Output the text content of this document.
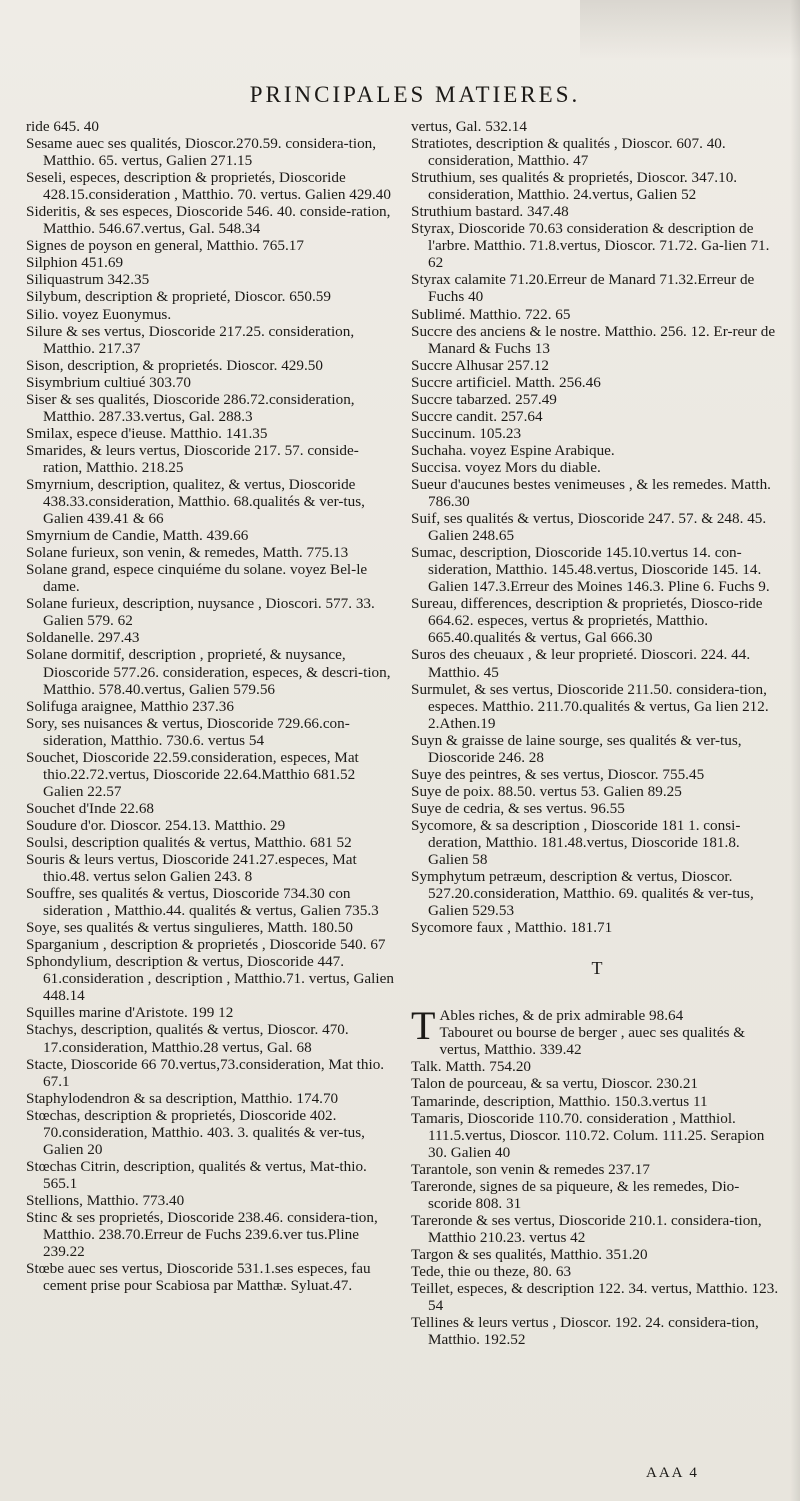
PRINCIPALES MATIERES.

ride 645. 40

Sesame auec ses qualités, Dioscor.270.59. considera-tion, Matthio. 65. vertus, Galien 271.15

Seseli, especes, description & proprietés, Dioscoride 428.15.consideration , Matthio. 70. vertus. Galien 429.40

Sideritis, & ses especes, Dioscoride 546. 40. conside-ration, Matthio. 546.67.vertus, Gal. 548.34

Signes de poyson en general, Matthio. 765.17

Silphion 451.69

Siliquastrum 342.35

Silybum, description & proprieté, Dioscor. 650.59

Silio. voyez Euonymus.

Silure & ses vertus, Dioscoride 217.25. consideration, Matthio. 217.37

Sison, description, & proprietés. Dioscor. 429.50

Sisymbrium cultiué 303.70

Siser & ses qualités, Dioscoride 286.72.consideration, Matthio. 287.33.vertus, Gal. 288.3

Smilax, espece d'ieuse. Matthio. 141.35

Smarides, & leurs vertus, Dioscoride 217. 57. conside-ration, Matthio. 218.25

Smyrnium, description, qualitez, & vertus, Dioscoride 438.33.consideration, Matthio. 68.qualités & ver-tus, Galien 439.41 & 66

Smyrnium de Candie, Matth. 439.66

Solane furieux, son venin, & remedes, Matth. 775.13

Solane grand, espece cinquiéme du solane. voyez Bel-le dame.

Solane furieux, description, nuysance , Dioscori. 577. 33. Galien 579. 62

Soldanelle. 297.43

Solane dormitif, description , proprieté, & nuysance, Dioscoride 577.26. consideration, especes, & descri-tion, Matthio. 578.40.vertus, Galien 579.56

Solifuga araignee, Matthio 237.36

Sory, ses nuisances & vertus, Dioscoride 729.66.con-sideration, Matthio. 730.6. vertus 54

Souchet, Dioscoride 22.59.consideration, especes, Mat thio.22.72.vertus, Dioscoride 22.64.Matthio 681.52 Galien 22.57

Souchet d'Inde 22.68

Soudure d'or. Dioscor. 254.13. Matthio. 29

Soulsi, description qualités & vertus, Matthio. 681 52

Souris & leurs vertus, Dioscoride 241.27.especes, Mat thio.48. vertus selon Galien 243. 8

Souffre, ses qualités & vertus, Dioscoride 734.30 con sideration , Matthio.44. qualités & vertus, Galien 735.3

Soye, ses qualités & vertus singulieres, Matth. 180.50

Sparganium , description & proprietés , Dioscoride 540. 67

Sphondylium, description & vertus, Dioscoride 447. 61.consideration , description , Matthio.71. vertus, Galien 448.14

Squilles marine d'Aristote. 199 12

Stachys, description, qualités & vertus, Dioscor. 470. 17.consideration, Matthio.28 vertus, Gal. 68

Stacte, Dioscoride 66 70.vertus,73.consideration, Mat thio. 67.1

Staphylodendron & sa description, Matthio. 174.70

Stœchas, description & proprietés, Dioscoride 402. 70.consideration, Matthio. 403. 3. qualités & ver-tus, Galien 20

Stœchas Citrin, description, qualités & vertus, Mat-thio. 565.1

Stellions, Matthio. 773.40

Stinc & ses proprietés, Dioscoride 238.46. considera-tion, Matthio. 238.70.Erreur de Fuchs 239.6.ver tus.Pline 239.22

Stœbe auec ses vertus, Dioscoride 531.1.ses especes, fau cement prise pour Scabiosa par Matthæ. Syluat.47.

vertus, Gal. 532.14

Stratiotes, description & qualités , Dioscor. 607. 40. consideration, Matthio. 47

Struthium, ses qualités & proprietés, Dioscor. 347.10. consideration, Matthio. 24.vertus, Galien 52

Struthium bastard. 347.48

Styrax, Dioscoride 70.63 consideration & description de l'arbre. Matthio. 71.8.vertus, Dioscor. 71.72. Ga-lien 71. 62

Styrax calamite 71.20.Erreur de Manard 71.32.Erreur de Fuchs 40

Sublimé. Matthio. 722. 65

Succre des anciens & le nostre. Matthio. 256. 12. Er-reur de Manard & Fuchs 13

Succre Alhusar 257.12

Succre artificiel. Matth. 256.46

Succre tabarzed. 257.49

Succre candit. 257.64

Succinum. 105.23

Suchaha. voyez Espine Arabique.

Succisa. voyez Mors du diable.

Sueur d'aucunes bestes venimeuses , & les remedes. Matth. 786.30

Suif, ses qualités & vertus, Dioscoride 247. 57. & 248. 45. Galien 248.65

Sumac, description, Dioscoride 145.10.vertus 14. con-sideration, Matthio. 145.48.vertus, Dioscoride 145. 14. Galien 147.3.Erreur des Moines 146.3. Pline 6. Fuchs 9.

Sureau, differences, description & proprietés, Diosco-ride 664.62. especes, vertus & proprietés, Matthio. 665.40.qualités & vertus, Gal 666.30

Suros des cheuaux , & leur proprieté. Dioscori. 224. 44. Matthio. 45

Surmulet, & ses vertus, Dioscoride 211.50. considera-tion, especes. Matthio. 211.70.qualités & vertus, Ga lien 212. 2.Athen.19

Suyn & graisse de laine sourge, ses qualités & ver-tus, Dioscoride 246. 28

Suye des peintres, & ses vertus, Dioscor. 755.45

Suye de poix. 88.50. vertus 53. Galien 89.25

Suye de cedria, & ses vertus. 96.55

Sycomore, & sa description , Dioscoride 181 1. consi-deration, Matthio. 181.48.vertus, Dioscoride 181.8. Galien 58

Symphytum petræum, description & vertus, Dioscor. 527.20.consideration, Matthio. 69. qualités & ver-tus, Galien 529.53

Sycomore faux , Matthio. 181.71

T

T Ables riches, & de prix admirable 98.64
Tabouret ou bourse de berger , auec ses qualités & vertus, Matthio. 339.42

Talk. Matth. 754.20

Talon de pourceau, & sa vertu, Dioscor. 230.21

Tamarinde, description, Matthio. 150.3.vertus 11

Tamaris, Dioscoride 110.70. consideration , Matthiol. 111.5.vertus, Dioscor. 110.72. Colum. 111.25. Serapion 30. Galien 40

Tarantole, son venin & remedes 237.17

Tareronde, signes de sa piqueure, & les remedes, Dio-scoride 808. 31

Tareronde & ses vertus, Dioscoride 210.1. considera-tion, Matthio 210.23. vertus 42

Targon & ses qualités, Matthio. 351.20

Tede, thie ou theze, 80. 63

Teillet, especes, & description 122. 34. vertus, Matthio. 123. 54

Tellines & leurs vertus , Dioscor. 192. 24. considera-tion, Matthio. 192.52

AAA 4
